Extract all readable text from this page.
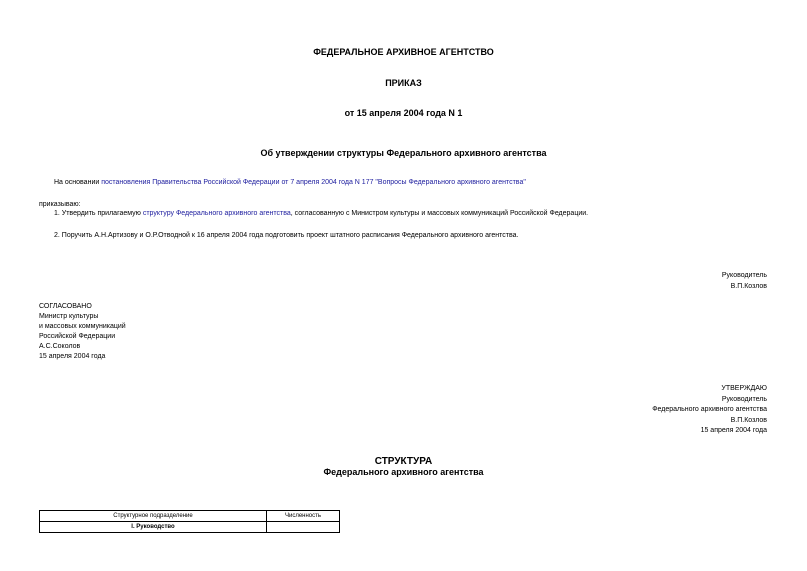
ФЕДЕРАЛЬНОЕ АРХИВНОЕ АГЕНТСТВО
ПРИКАЗ
от 15 апреля 2004 года N 1
Об утверждении структуры Федерального архивного агентства
На основании постановления Правительства Российской Федерации от 7 апреля 2004 года N 177 "Вопросы Федерального архивного агентства"
приказываю:
1. Утвердить прилагаемую структуру Федерального архивного агентства, согласованную с Министром культуры и массовых коммуникаций Российской Федерации.
2. Поручить А.Н.Артизову и О.Р.Отводной к 16 апреля 2004 года подготовить проект штатного расписания Федерального архивного агентства.
Руководитель
В.П.Козлов
СОГЛАСОВАНО
Министр культуры
и массовых коммуникаций
Российской Федерации
А.С.Соколов
15 апреля 2004 года
УТВЕРЖДАЮ
Руководитель
Федерального архивного агентства
В.П.Козлов
15 апреля 2004 года
СТРУКТУРА
Федерального архивного агентства
Структурное подразделение	Численность
I. Руководство	
